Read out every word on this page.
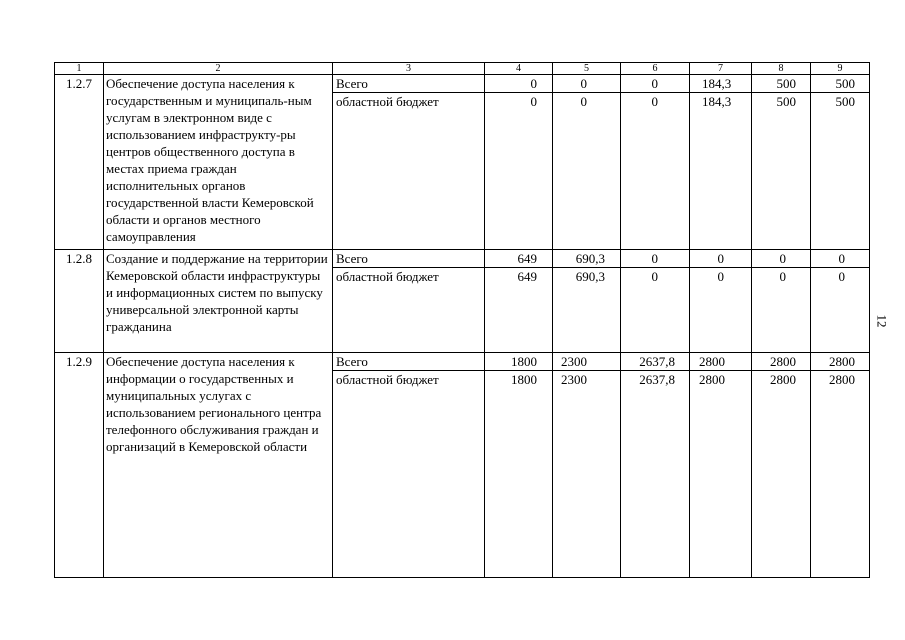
1	2	3	4	5	6	7	8	9
1.2.7	Обеспечение доступа населения к государственным и муниципаль-ным услугам в электронном виде с использованием инфраструкту-ры центров общественного доступа в местах приема граждан исполнительных органов государственной власти Кемеровской области и органов местного самоуправления	Всего	0	0	0	184,3	500	500
		областной бюджет	0	0	0	184,3	500	500
1.2.8	Создание и поддержание на территории Кемеровской области инфраструктуры и информационных систем по выпуску универсальной электронной карты гражданина	Всего	649	690,3	0	0	0	0
		областной бюджет	649	690,3	0	0	0	0
1.2.9	Обеспечение доступа населения к информации о государственных и муниципальных услугах с использованием регионального центра телефонного обслуживания граждан и организаций в Кемеровской области	Всего	1800	2300	2637,8	2800	2800	2800
		областной бюджет	1800	2300	2637,8	2800	2800	2800
12
